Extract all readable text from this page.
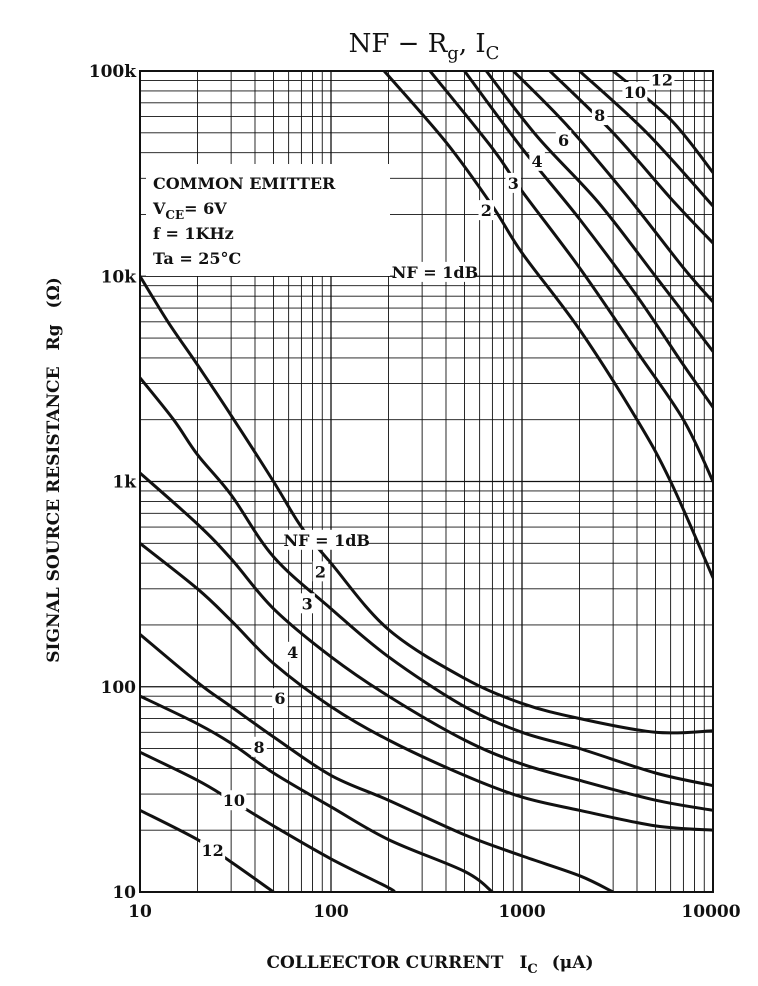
NF = 1dB
2
3
4
6
8
10
12
NF = 1dB
2
3
4
6
8
10
12
10	100	1000	10000
10
100
1k
10k
100k
NF − $R_g$, $I_C$
COLLEECTOR CURRENT $I_C$ (μA)
SIGNAL SOURCE RESISTANCERg(Ω)
COMMON EMITTER
$V_{CE}= 6V$
f = 1KHz
Ta = 25°C
